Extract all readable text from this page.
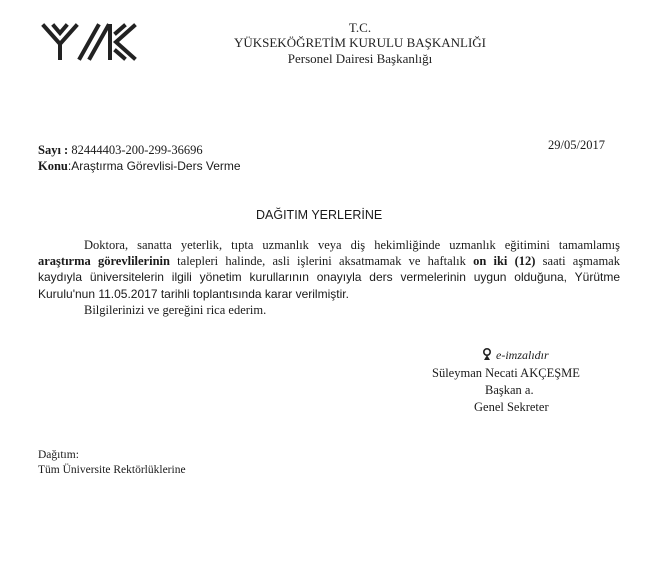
T.C.
YÜKSEKÖĞRETİM KURULU BAŞKANLIĞI
Personel Dairesi Başkanlığı
Sayı : 82444403-200-299-36696	29/05/2017
Konu:Araştırma Görevlisi-Ders Verme
DAĞITIM YERLERİNE
Doktora, sanatta yeterlik, tıpta uzmanlık veya diş hekimliğinde uzmanlık eğitimini tamamlamış
araştırma görevlilerinin talepleri halinde, asli işlerini aksatmamak ve haftalık on iki (12) saati aşmamak
kaydıyla üniversitelerin ilgili yönetim kurullarının onayıyla ders vermelerinin uygun olduğuna, Yürütme
Kurulu'nun 11.05.2017 tarihli toplantısında karar verilmiştir.
Bilgilerinizi ve gereğini rica ederim.
e-imzalıdır
Süleyman Necati AKÇEŞME
Başkan a.
Genel Sekreter
Dağıtım:
Tüm Üniversite Rektörlüklerine
